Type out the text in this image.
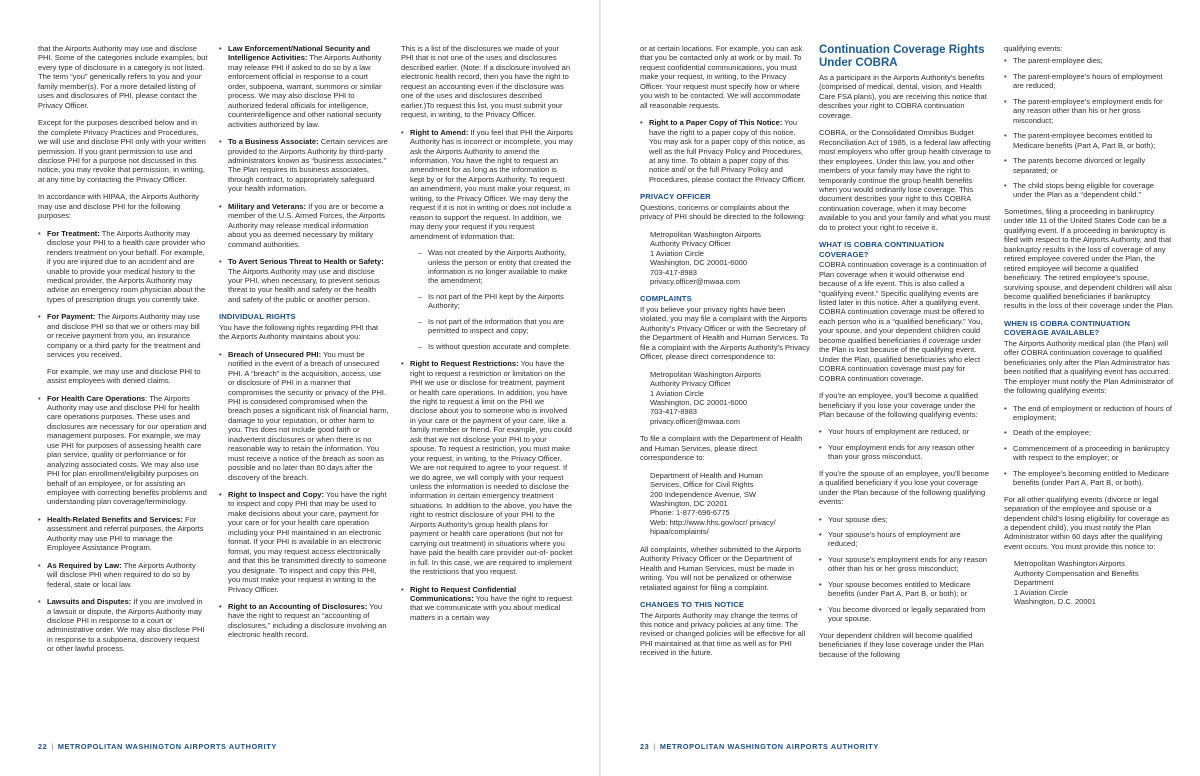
that the Airports Authority may use and disclose PHI. Some of the categories include examples, but every type of disclosure in a category is not listed. The term “you” generically refers to you and your family member(s). For a more detailed listing of uses and disclosures of PHI, please contact the Privacy Officer.

Except for the purposes described below and in the complete Privacy Practices and Procedures, we will use and disclose PHI only with your written permission. If you grant permission to use and disclose PHI for a purpose not discussed in this notice, you may revoke that permission, in writing, at any time by contacting the Privacy Officer.

In accordance with HIPAA, the Airports Authority may use and disclose PHI for the following purposes:

• For Treatment: The Airports Authority may disclose your PHI to a health care provider who renders treatment on your behalf. For example, if you are injured due to an accident and are unable to provide your medical history to the medical provider, the Airports Authority may advise an emergency room physician about the types of prescription drugs you currently take.
• For Payment: The Airports Authority may use and disclose PHI so that we or others may bill or receive payment from you, an insurance company or a third party for the treatment and services you received.
For example, we may use and disclose PHI to assist employees with denied claims.
• For Health Care Operations: The Airports Authority may use and disclose PHI for health care operations purposes. These uses and disclosures are necessary for our operation and management purposes. For example, we may use PHI for purposes of assessing health care plan service, quality or performance or for analyzing associated costs. We may also use PHI for plan enrollment/eligibility purposes on behalf of an employee, or for assisting an employee with correcting benefits problems and understanding plan coverage/terminology.
• Health-Related Benefits and Services: For assessment and referral purposes, the Airports Authority may use PHI to manage the Employee Assistance Program.
• As Required by Law: The Airports Authority will disclose PHI when required to do so by federal, state or local law.
• Lawsuits and Disputes: If you are involved in a lawsuit or dispute, the Airports Authority may disclose PHI in response to a court or administrative order. We may also disclose PHI in response to a subpoena, discovery request or other lawful process.
• Law Enforcement/National Security and Intelligence Activities: The Airports Authority may release PHI if asked to do so by a law enforcement official in response to a court order, subpoena, warrant, summons or similar process. We may also disclose PHI to authorized federal officials for intelligence, counterintelligence and other national security activities authorized by law.
• To a Business Associate: Certain services are provided to the Airports Authority by third-party administrators known as “business associates.” The Plan requires its business associates, through contract, to appropriately safeguard your health information.
• Military and Veterans: If you are or become a member of the U.S. Armed Forces, the Airports Authority may release medical information about you as deemed necessary by military command authorities.
• To Avert Serious Threat to Health or Safety: The Airports Authority may use and disclose your PHI, when necessary, to prevent serious threat to your health and safety or the health and safety of the public or another person.
INDIVIDUAL RIGHTS

You have the following rights regarding PHI that the Airports Authority maintains about you:

• Breach of Unsecured PHI: You must be notified in the event of a breach of unsecured PHI. A “breach” is the acquisition, access, use or disclosure of PHI in a manner that compromises the security or privacy of the PHI. PHI is considered compromised when the breach poses a significant risk of financial harm, damage to your reputation, or other harm to you. This does not include good faith or inadvertent disclosures or when there is no reasonable way to retain the information. You must receive a notice of the breach as soon as possible and no later than 60 days after the discovery of the breach.
• Right to Inspect and Copy: You have the right to inspect and copy PHI that may be used to make decisions about your care, payment for your care or for your health care operation including your PHI maintained in an electronic format. If your PHI is available in an electronic format, you may request access electronically and that this be transmitted directly to someone you designate. To inspect and copy this PHI, you must make your request in writing to the Privacy Officer.
• Right to an Accounting of Disclosures: You have the right to request an “accounting of disclosures,” including a disclosure involving an electronic health record.

This is a list of the disclosures we made of your PHI that is not one of the uses and disclosures described earlier. (Note: If a disclosure involved an electronic health record, then you have the right to request an accounting even if the disclosure was one of the uses and disclosures described earlier.)To request this list, you must submit your request, in writing, to the Privacy Officer.

• Right to Amend: If you feel that PHI the Airports Authority has is incorrect or incomplete, you may ask the Airports Authority to amend the information. You have the right to request an amendment for as long as the information is kept by or for the Airports Authority. To request an amendment, you must make your request, in writing, to the Privacy Officer. We may deny the request if it is not in writing or does not include a reason to support the request. In addition, we may deny your request if you request amendment of information that:
– Was not created by the Airports Authority, unless the person or entity that created the information is no longer available to make the amendment;
– Is not part of the PHI kept by the Airports Authority;
– Is not part of the information that you are permitted to inspect and copy;
– Is without question accurate and complete.
• Right to Request Restrictions: You have the right to request a restriction or limitation on the PHI we use or disclose for treatment, payment or health care operations. In addition, you have the right to request a limit on the PHI we disclose about you to someone who is involved in your care or the payment of your care, like a family member or friend. For example, you could ask that we not disclose your PHI to your spouse. To request a restriction, you must make your request, in writing, to the Privacy Officer. We are not required to agree to your request. If we do agree, we will comply with your request unless the information is needed to disclose the information in certain emergency treatment situations. In addition to the above, you have the right to restrict disclosure of your PHI to the Airports Authority’s group health plans for payment or health care operations (but not for carrying out treatment) in situations where you have paid the health care provider out-of- pocket in full. In this case, we are required to implement the restrictions that you request.
• Right to Request Confidential Communications: You have the right to request that we communicate with you about medical matters in a certain way

or at certain locations. For example, you can ask that you be contacted only at work or by mail. To request confidential communications, you must make your request, in writing, to the Privacy Officer. Your request must specify how or where you wish to be contacted. We will accommodate all reasonable requests.

• Right to a Paper Copy of This Notice: You have the right to a paper copy of this notice. You may ask for a paper copy of this notice, as well as the full Privacy Policy and Procedures, at any time. To obtain a paper copy of this notice and/ or the full Privacy Policy and Procedures, please contact the Privacy Officer.
PRIVACY OFFICER

Questions, concerns or complaints about the privacy of PHI should be directed to the following:

Metropolitan Washington Airports
Authority Privacy Officer
1 Aviation Circle
Washington, DC 20001-6000
703-417-8983
privacy.officer@mwaa.com
COMPLAINTS

If you believe your privacy rights have been violated, you may file a complaint with the Airports Authority’s Privacy Officer or with the Secretary of the Department of Health and Human Services. To file a complaint with the Airports Authority’s Privacy Officer, please direct correspondence to:

Metropolitan Washington Airports
Authority Privacy Officer
1 Aviation Circle
Washington, DC 20001-6000
703-417-8983
privacy.officer@mwaa.com

To file a complaint with the Department of Health and Human Services, please direct correspondence to:

Department of Health and Human
Services, Office for Civil Rights
200 Independence Avenue, SW
Washington, DC 20201
Phone: 1-877-696-6775
Web: http://www.hhs.gov/ocr/ privacy/
hipaa/complaints/

All complaints, whether submitted to the Airports Authority Privacy Officer or the Department of Health and Human Services, must be made in writing. You will not be penalized or otherwise retaliated against for filing a complaint.

CHANGES TO THIS NOTICE

The Airports Authority may change the terms of this notice and privacy policies at any time. The revised or changed policies will be effective for all PHI maintained at that time as well as for PHI received in the future.

Continuation Coverage Rights
Under COBRA

As a participant in the Airports Authority’s benefits (comprised of medical, dental, vision, and Health Care FSA plans), you are receiving this notice that describes your right to COBRA continuation coverage.

COBRA, or the Consolidated Omnibus Budget Reconciliation Act of 1985, is a federal law affecting most employers who offer group health coverage to their employees. Under this law, you and other members of your family may have the right to temporarily continue the group health benefits when you would ordinarily lose coverage. This document describes your right to this COBRA continuation coverage, when it may become available to you and your family and what you must do to protect your right to receive it.

WHAT IS COBRA CONTINUATION COVERAGE?

COBRA continuation coverage is a continuation of Plan coverage when it would otherwise end because of a life event. This is also called a “qualifying event.” Specific qualifying events are listed later in this notice. After a qualifying event, COBRA continuation coverage must be offered to each person who is a “qualified beneficiary.” You, your spouse, and your dependent children could become qualified beneficiaries if coverage under the Plan is lost because of the qualifying event. Under the Plan, qualified beneficiaries who elect COBRA continuation coverage must pay for COBRA continuation coverage.

If you’re an employee, you’ll become a qualified beneficiary if you lose your coverage under the Plan because of the following qualifying events:

• Your hours of employment are reduced, or
• Your employment ends for any reason other than your gross misconduct.

If you’re the spouse of an employee, you’ll become a qualified beneficiary if you lose your coverage under the Plan because of the following qualifying events:

• Your spouse dies;
• Your spouse’s hours of employment are reduced;
• Your spouse’s employment ends for any reason other than his or her gross misconduct;
• Your spouse becomes entitled to Medicare benefits (under Part A, Part B, or both); or
• You become divorced or legally separated from your spouse.

Your dependent children will become qualified beneficiaries if they lose coverage under the Plan because of the following

qualifying events:

• The parent-employee dies;
• The parent-employee’s hours of employment are reduced;
• The parent-employee’s employment ends for any reason other than his or her gross misconduct;
• The parent-employee becomes entitled to Medicare benefits (Part A, Part B, or both);
• The parents become divorced or legally separated; or
• The child stops being eligible for coverage under the Plan as a “dependent child.”

Sometimes, filing a proceeding in bankruptcy under title 11 of the United States Code can be a qualifying event. If a proceeding in bankruptcy is filed with respect to the Airports Authority, and that bankruptcy results in the loss of coverage of any retired employee covered under the Plan, the retired employee will become a qualified beneficiary. The retired employee’s spouse, surviving spouse, and dependent children will also become qualified beneficiaries if bankruptcy results in the loss of their coverage under the Plan.

WHEN IS COBRA CONTINUATION COVERAGE AVAILABLE?

The Airports Authority medical plan (the Plan) will offer COBRA continuation coverage to qualified beneficiaries only after the Plan Administrator has been notified that a qualifying event has occurred. The employer must notify the Plan Administrator of the following qualifying events:

• The end of employment or reduction of hours of employment;
• Death of the employee;
• Commencement of a proceeding in bankruptcy with respect to the employer; or
• The employee’s becoming entitled to Medicare benefits (under Part A, Part B, or both).

For all other qualifying events (divorce or legal separation of the employee and spouse or a dependent child’s losing eligibility for coverage as a dependent child), you must notify the Plan Administrator within 60 days after the qualifying event occurs. You must provide this notice to:

Metropolitan Washington Airports
Authority Compensation and Benefits
Department
1 Aviation Circle
Washington, D.C. 20001
22 | METROPOLITAN WASHINGTON AIRPORTS AUTHORITY	23 | METROPOLITAN WASHINGTON AIRPORTS AUTHORITY
